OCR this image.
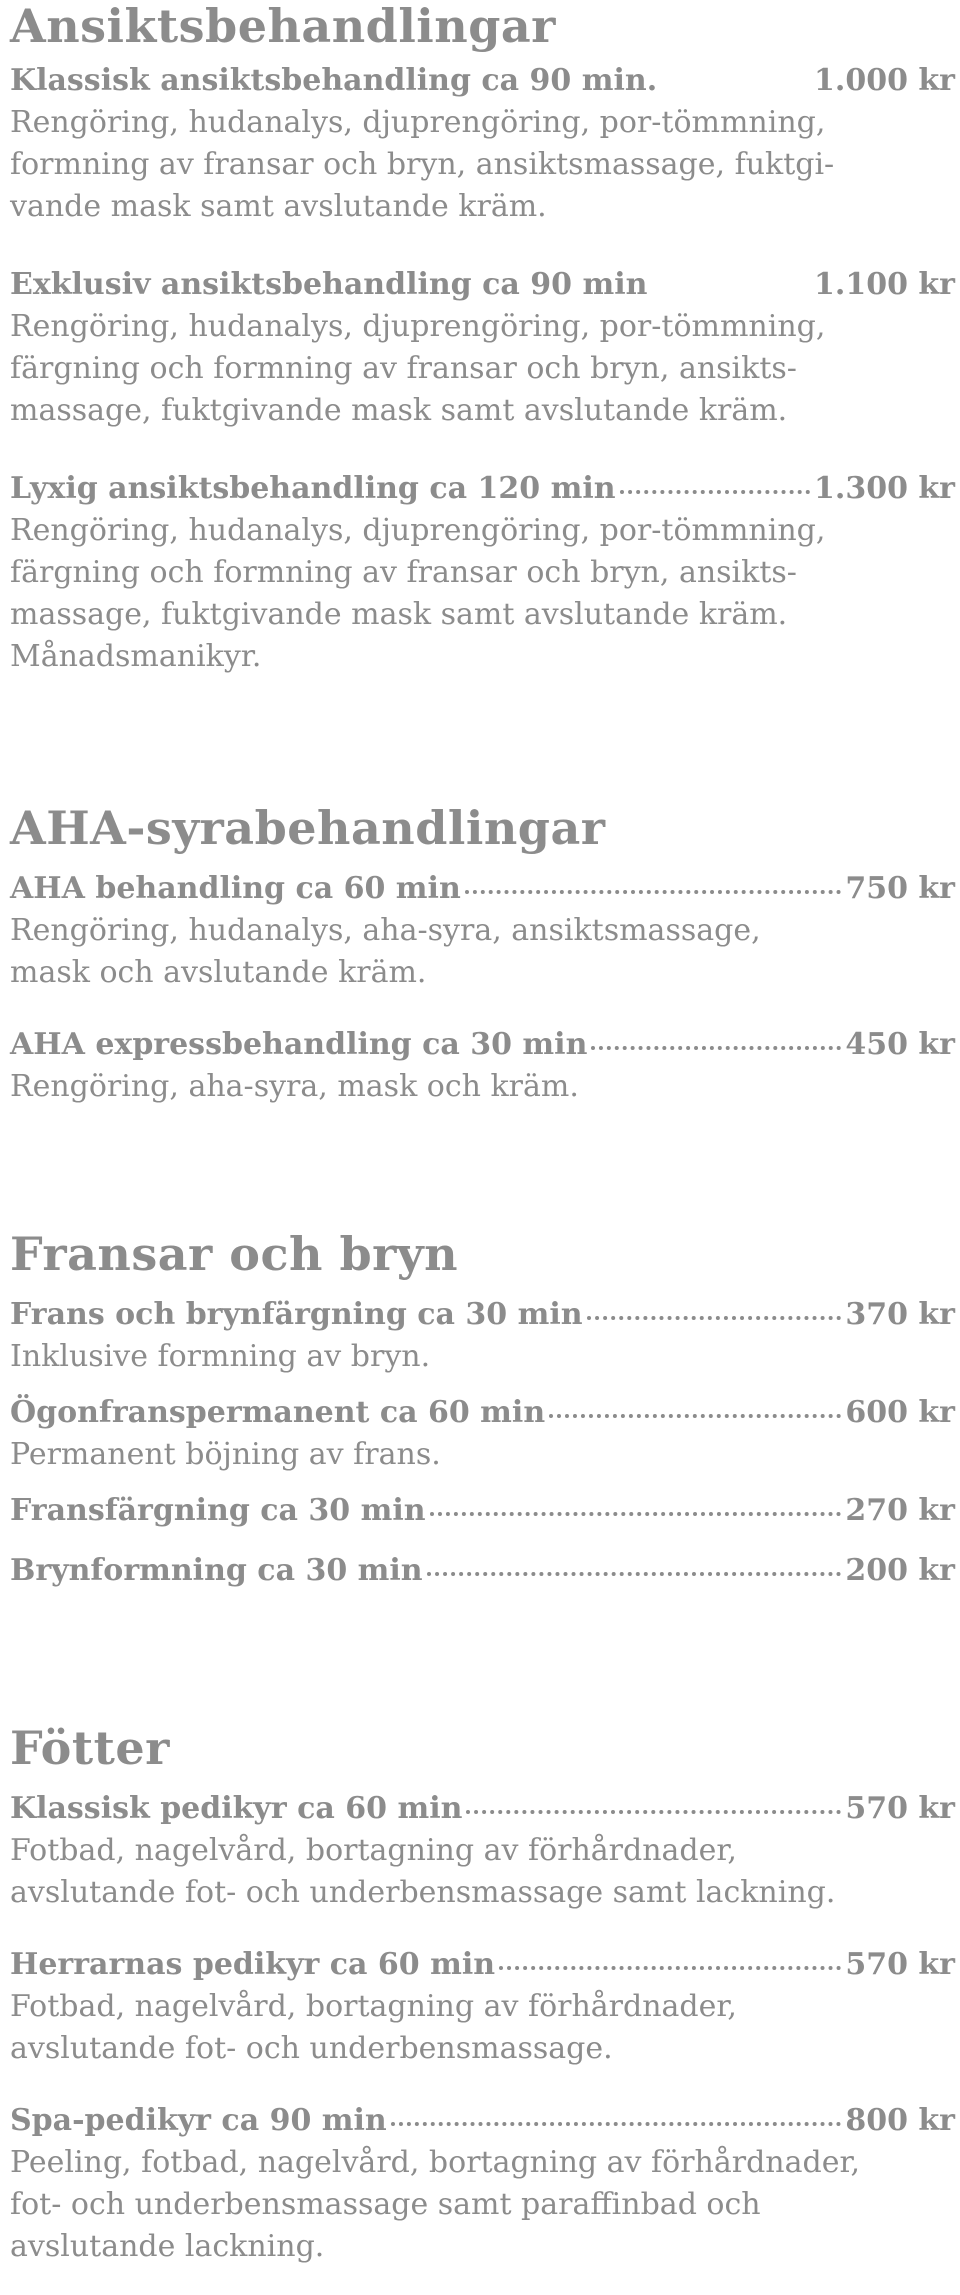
Ansiktsbehandlingar
Klassisk ansiktsbehandling ca 90 min.	1.000 kr

Rengöring, hudanalys, djuprengöring, por-tömmning,

formning av fransar och bryn, ansiktsmassage, fuktgi-

vande mask samt avslutande kräm.

Exklusiv ansiktsbehandling ca 90 min	1.100 kr

Rengöring, hudanalys, djuprengöring, por-tömmning,

färgning och formning av fransar och bryn, ansikts-

massage, fuktgivande mask samt avslutande kräm.

Lyxig ansiktsbehandling ca 120 min	1.300 kr

Rengöring, hudanalys, djuprengöring, por-tömmning,

färgning och formning av fransar och bryn, ansikts-

massage, fuktgivande mask samt avslutande kräm.

Månadsmanikyr.

AHA-syrabehandlingar
AHA behandling ca 60 min	750 kr

Rengöring, hudanalys, aha-syra, ansiktsmassage,

mask och avslutande kräm.

AHA expressbehandling ca 30 min	450 kr

Rengöring, aha-syra, mask och kräm.

Fransar och bryn
Frans och brynfärgning ca 30 min	370 kr

Inklusive formning av bryn.

Ögonfranspermanent ca 60 min	600 kr

Permanent böjning av frans.

Fransfärgning ca 30 min	270 kr
Brynformning ca 30 min	200 kr
Fötter
Klassisk pedikyr ca 60 min	570 kr

Fotbad, nagelvård, bortagning av förhårdnader,

avslutande fot- och underbensmassage samt lackning.

Herrarnas pedikyr ca 60 min	570 kr

Fotbad, nagelvård, bortagning av förhårdnader,

avslutande fot- och underbensmassage.

Spa-pedikyr ca 90 min	800 kr

Peeling, fotbad, nagelvård, bortagning av förhårdnader,

fot- och underbensmassage samt paraffinbad och

avslutande lackning.
